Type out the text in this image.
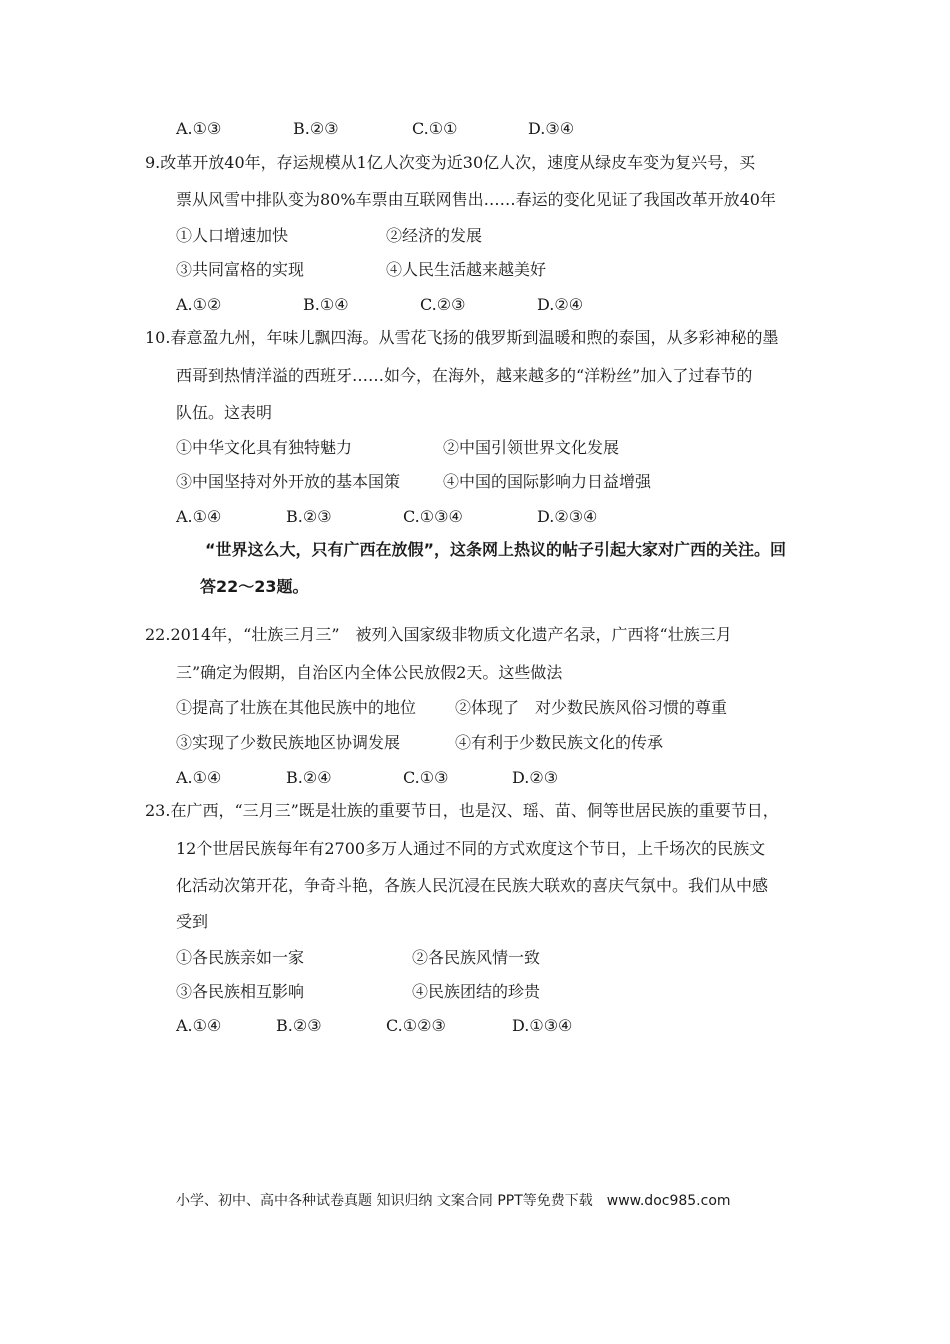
A.①③	B.②③	C.①①	D.③④
9.改革开放40年，存运规模从1亿人次变为近30亿人次，速度从绿皮车变为复兴号，买
票从风雪中排队变为80%车票由互联网售出……春运的变化见证了我国改革开放40年
①人口增速加快	②经济的发展
③共同富格的实现	④人民生活越来越美好
A.①②	B.①④	C.②③	D.②④
10.春意盈九州，年味儿飘四海。从雪花飞扬的俄罗斯到温暖和煦的泰国，从多彩神秘的墨
西哥到热情洋溢的西班牙……如今，在海外，越来越多的“洋粉丝”加入了过春节的
队伍。这表明
①中华文化具有独特魅力	②中国引领世界文化发展
③中国坚持对外开放的基本国策	④中国的国际影响力日益增强
A.①④	B.②③	C.①③④	D.②③④
“世界这么大，只有广西在放假”，这条网上热议的帖子引起大家对广西的关注。回
答22～23题。
22.2014年，“壮族三月三”　被列入国家级非物质文化遗产名录，广西将“壮族三月
三”确定为假期，自治区内全体公民放假2天。这些做法
①提高了壮族在其他民族中的地位 ②体现了　对少数民族风俗习惯的尊重
③实现了少数民族地区协调发展	④有利于少数民族文化的传承
A.①④	B.②④	C.①③	D.②③
23.在广西，“三月三”既是壮族的重要节日，也是汉、瑶、苗、侗等世居民族的重要节日，
12个世居民族每年有2700多万人通过不同的方式欢度这个节日，上千场次的民族文
化活动次第开花，争奇斗艳，各族人民沉浸在民族大联欢的喜庆气氛中。我们从中感
受到
①各民族亲如一家	②各民族风情一致
③各民族相互影响	④民族团结的珍贵
A.①④	B.②③	C.①②③	D.①③④
小学、初中、高中各种试卷真题 知识归纳 文案合同 PPT等免费下载　www.doc985.com
